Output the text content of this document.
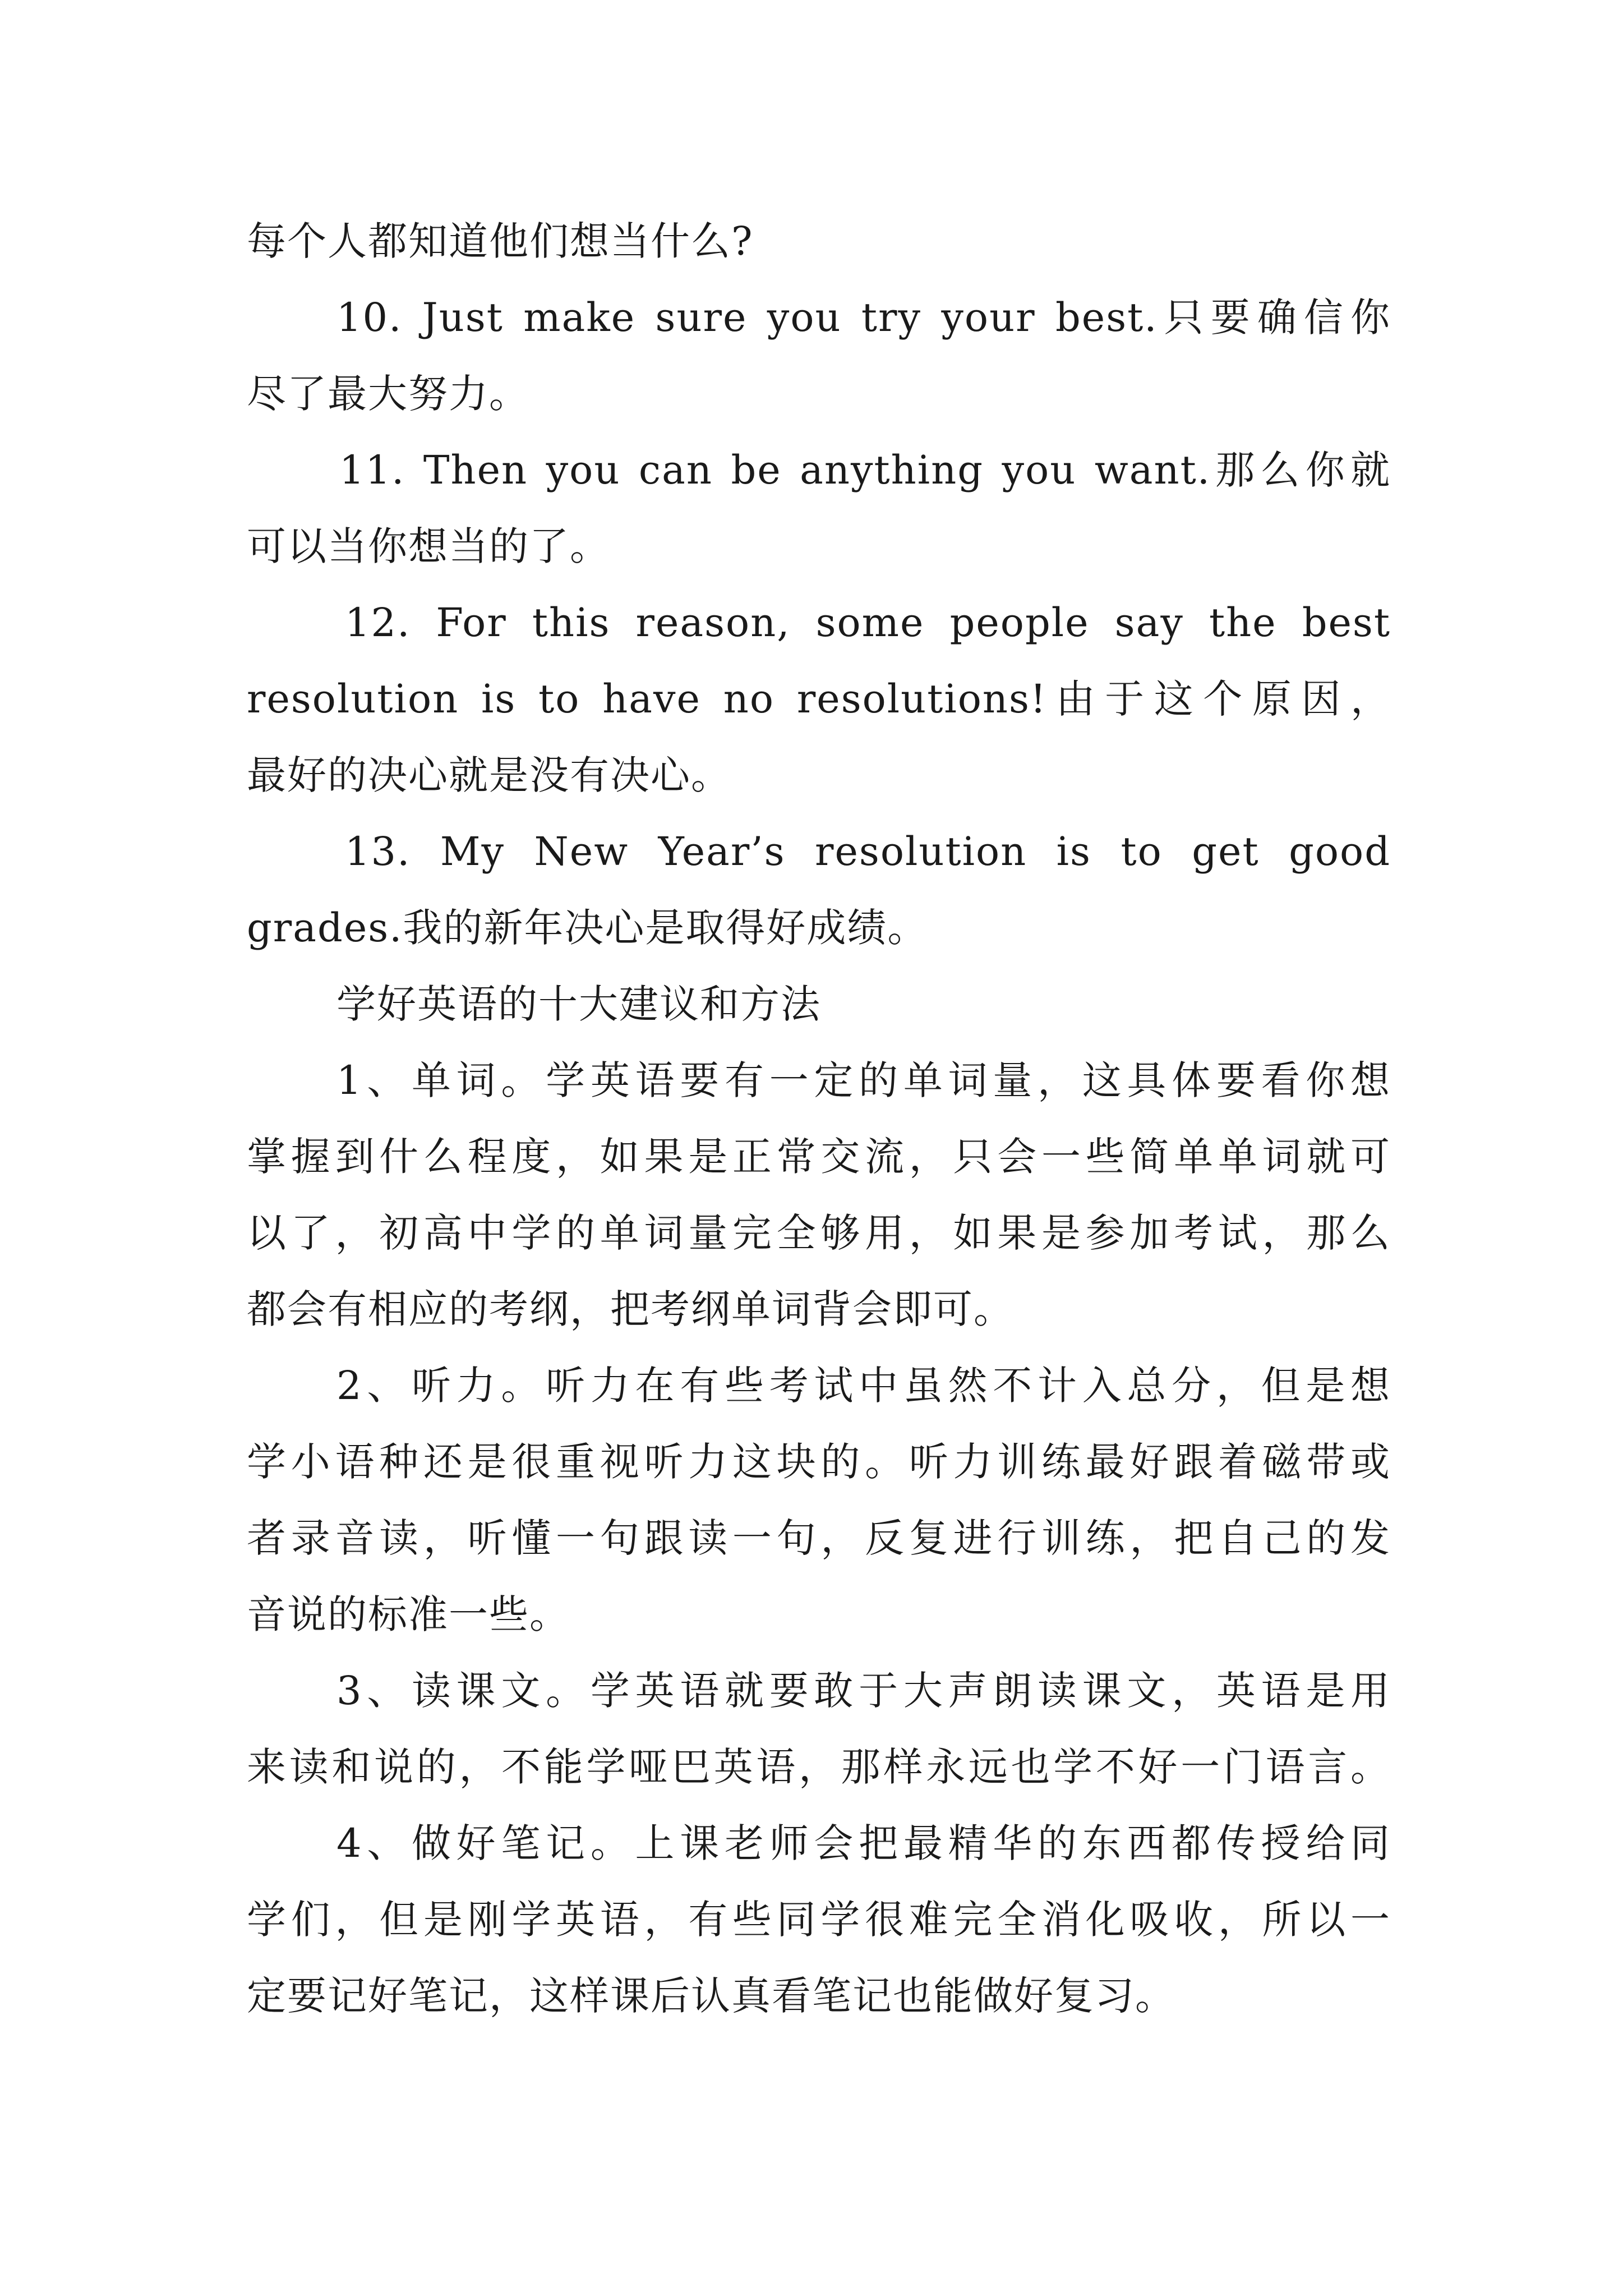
每个人都知道他们想当什么?
10. Just make sure you try your best.只要确信你
尽了最大努力。
11. Then you can be anything you want.那么你就
可以当你想当的了。
12. For this reason, some people say the best
resolution is to have no resolutions!由于这个原因，
最好的决心就是没有决心。
13. My New Year’s resolution is to get good
grades.我的新年决心是取得好成绩。
学好英语的十大建议和方法
1、单词。学英语要有一定的单词量，这具体要看你想
掌握到什么程度，如果是正常交流，只会一些简单单词就可
以了，初高中学的单词量完全够用，如果是参加考试，那么
都会有相应的考纲，把考纲单词背会即可。
2、听力。听力在有些考试中虽然不计入总分，但是想
学小语种还是很重视听力这块的。听力训练最好跟着磁带或
者录音读，听懂一句跟读一句，反复进行训练，把自己的发
音说的标准一些。
3、读课文。学英语就要敢于大声朗读课文，英语是用
来读和说的，不能学哑巴英语，那样永远也学不好一门语言。
4、做好笔记。上课老师会把最精华的东西都传授给同
学们，但是刚学英语，有些同学很难完全消化吸收，所以一
定要记好笔记，这样课后认真看笔记也能做好复习。
